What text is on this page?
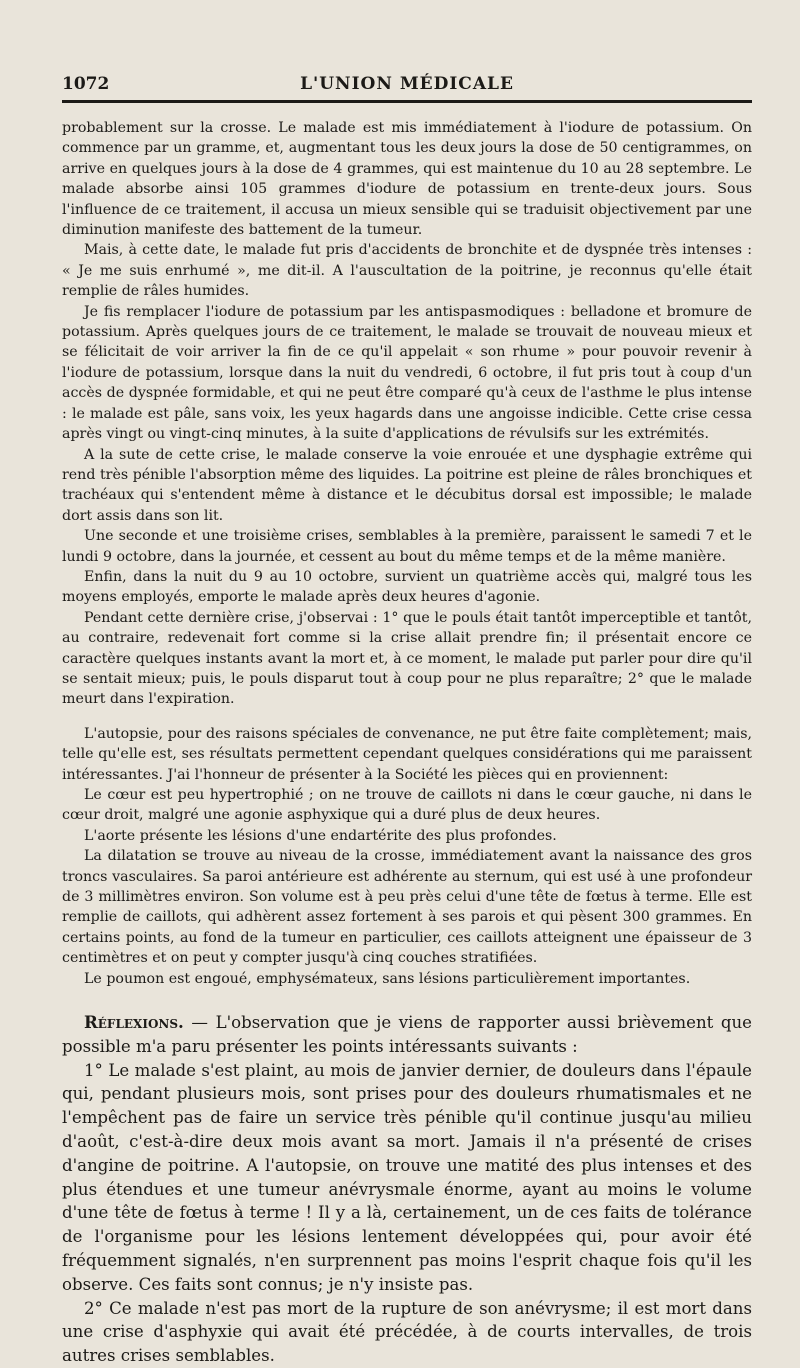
1072	L'UNION MÉDICALE

probablement sur la crosse. Le malade est mis immédiatement à l'iodure de potassium. On commence par un gramme, et, augmentant tous les deux jours la dose de 50 centigrammes, on arrive en quelques jours à la dose de 4 grammes, qui est maintenue du 10 au 28 septembre. Le malade absorbe ainsi 105 grammes d'iodure de potassium en trente-deux jours. Sous l'influence de ce traitement, il accusa un mieux sensible qui se traduisit objectivement par une diminution manifeste des battement de la tumeur.

Mais, à cette date, le malade fut pris d'accidents de bronchite et de dyspnée très intenses : « Je me suis enrhumé », me dit-il. A l'auscultation de la poitrine, je reconnus qu'elle était remplie de râles humides.

Je fis remplacer l'iodure de potassium par les antispasmodiques : belladone et bromure de potassium. Après quelques jours de ce traitement, le malade se trouvait de nouveau mieux et se félicitait de voir arriver la fin de ce qu'il appelait « son rhume » pour pouvoir revenir à l'iodure de potassium, lorsque dans la nuit du vendredi, 6 octobre, il fut pris tout à coup d'un accès de dyspnée formidable, et qui ne peut être comparé qu'à ceux de l'asthme le plus intense : le malade est pâle, sans voix, les yeux hagards dans une angoisse indicible. Cette crise cessa après vingt ou vingt-cinq minutes, à la suite d'applications de révulsifs sur les extrémités.

A la sute de cette crise, le malade conserve la voie enrouée et une dysphagie extrême qui rend très pénible l'absorption même des liquides. La poitrine est pleine de râles bronchiques et trachéaux qui s'entendent même à distance et le décubitus dorsal est impossible; le malade dort assis dans son lit.

Une seconde et une troisième crises, semblables à la première, paraissent le samedi 7 et le lundi 9 octobre, dans la journée, et cessent au bout du même temps et de la même manière.

Enfin, dans la nuit du 9 au 10 octobre, survient un quatrième accès qui, malgré tous les moyens employés, emporte le malade après deux heures d'agonie.

Pendant cette dernière crise, j'observai : 1° que le pouls était tantôt imperceptible et tantôt, au contraire, redevenait fort comme si la crise allait prendre fin; il présentait encore ce caractère quelques instants avant la mort et, à ce moment, le malade put parler pour dire qu'il se sentait mieux; puis, le pouls disparut tout à coup pour ne plus reparaître; 2° que le malade meurt dans l'expiration.

L'autopsie, pour des raisons spéciales de convenance, ne put être faite complètement; mais, telle qu'elle est, ses résultats permettent cependant quelques considérations qui me paraissent intéressantes. J'ai l'honneur de présenter à la Société les pièces qui en proviennent:

Le cœur est peu hypertrophié ; on ne trouve de caillots ni dans le cœur gauche, ni dans le cœur droit, malgré une agonie asphyxique qui a duré plus de deux heures.

L'aorte présente les lésions d'une endartérite des plus profondes.

La dilatation se trouve au niveau de la crosse, immédiatement avant la naissance des gros troncs vasculaires. Sa paroi antérieure est adhérente au sternum, qui est usé à une profondeur de 3 millimètres environ. Son volume est à peu près celui d'une tête de fœtus à terme. Elle est remplie de caillots, qui adhèrent assez fortement à ses parois et qui pèsent 300 grammes. En certains points, au fond de la tumeur en particulier, ces caillots atteignent une épaisseur de 3 centimètres et on peut y compter jusqu'à cinq couches stratifiées.

Le poumon est engoué, emphysémateux, sans lésions particulièrement importantes.

Réflexions. — L'observation que je viens de rapporter aussi brièvement que possible m'a paru présenter les points intéressants suivants :

1° Le malade s'est plaint, au mois de janvier dernier, de douleurs dans l'épaule qui, pendant plusieurs mois, sont prises pour des douleurs rhumatismales et ne l'empêchent pas de faire un service très pénible qu'il continue jusqu'au milieu d'août, c'est-à-dire deux mois avant sa mort. Jamais il n'a présenté de crises d'angine de poitrine. A l'autopsie, on trouve une matité des plus intenses et des plus étendues et une tumeur anévrysmale énorme, ayant au moins le volume d'une tête de fœtus à terme ! Il y a là, certainement, un de ces faits de tolérance de l'organisme pour les lésions lentement développées qui, pour avoir été fréquemment signalés, n'en surprennent pas moins l'esprit chaque fois qu'il les observe. Ces faits sont connus; je n'y insiste pas.

2° Ce malade n'est pas mort de la rupture de son anévrysme; il est mort dans une crise d'asphyxie qui avait été précédée, à de courts intervalles, de trois autres crises semblables.
